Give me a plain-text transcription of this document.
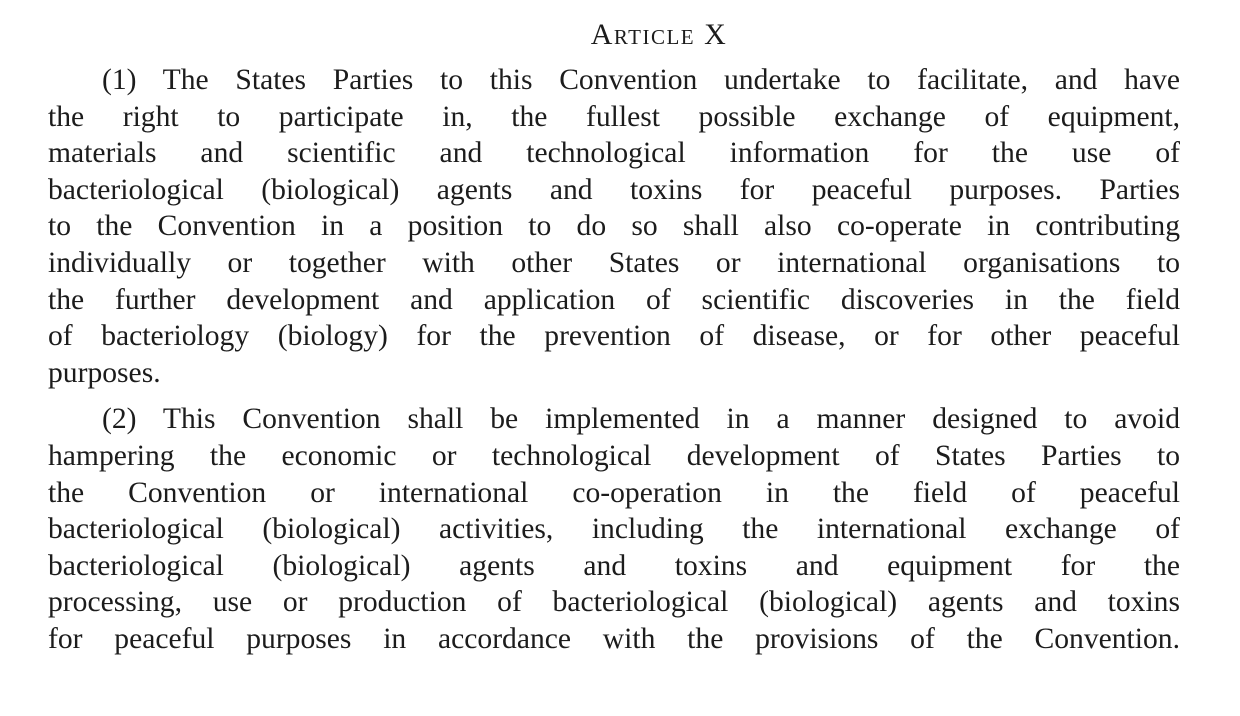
Article X
(1) The States Parties to this Convention undertake to facilitate, and have
the right to participate in, the fullest possible exchange of equipment,
materials and scientific and technological information for the use of
bacteriological (biological) agents and toxins for peaceful purposes. Parties
to the Convention in a position to do so shall also co-operate in contributing
individually or together with other States or international organisations to
the further development and application of scientific discoveries in the field
of bacteriology (biology) for the prevention of disease, or for other peaceful
purposes.
(2) This Convention shall be implemented in a manner designed to avoid
hampering the economic or technological development of States Parties to
the Convention or international co-operation in the field of peaceful
bacteriological (biological) activities, including the international exchange of
bacteriological (biological) agents and toxins and equipment for the
processing, use or production of bacteriological (biological) agents and toxins
for peaceful purposes in accordance with the provisions of the Convention.
